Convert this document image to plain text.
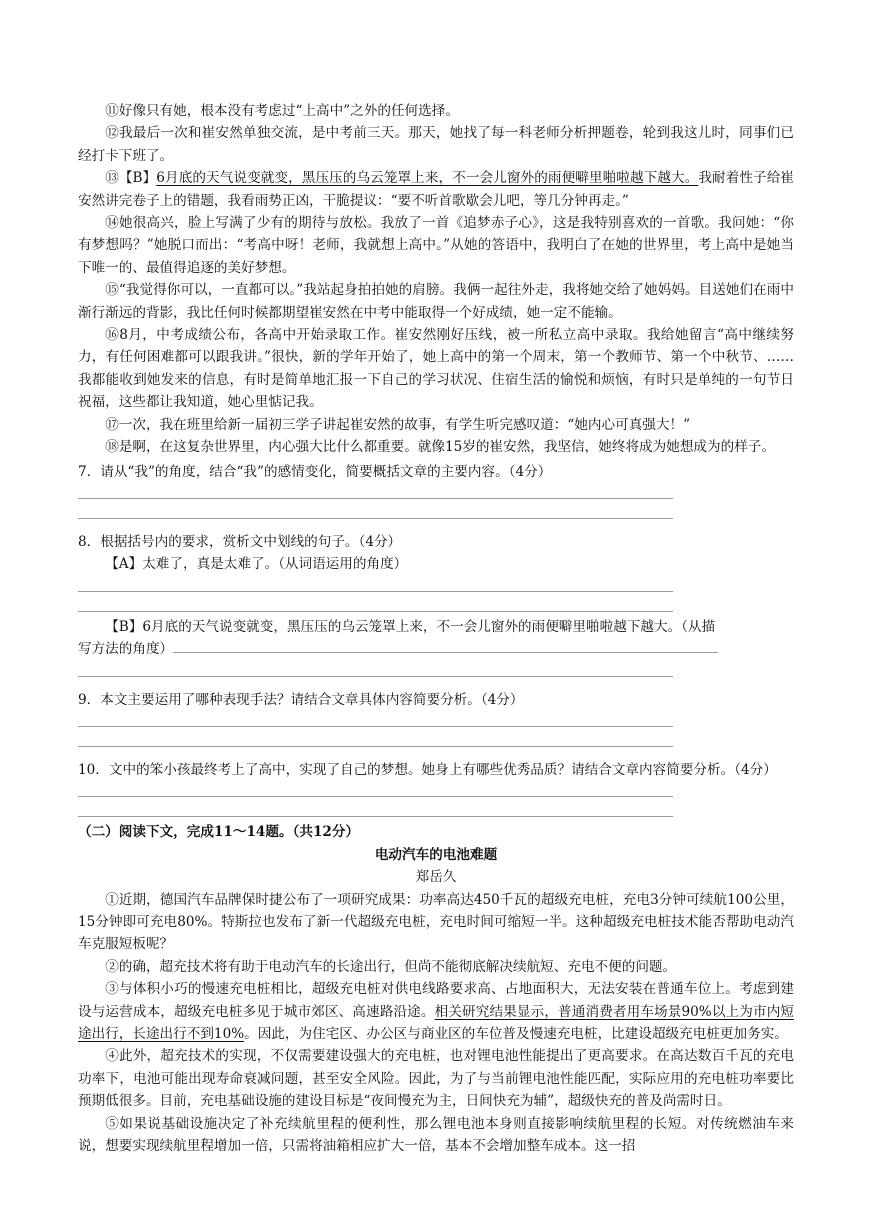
⑪好像只有她，根本没有考虑过“上高中”之外的任何选择。

⑫我最后一次和崔安然单独交流，是中考前三天。那天，她找了每一科老师分析押题卷，轮到我这儿时，同事们已经打卡下班了。

⑬【B】6月底的天气说变就变，黑压压的乌云笼罩上来，不一会儿窗外的雨便噼里啪啦越下越大。我耐着性子给崔安然讲完卷子上的错题，我看雨势正凶，干脆提议：“要不听首歌歇会儿吧，等几分钟再走。”

⑭她很高兴，脸上写满了少有的期待与放松。我放了一首《追梦赤子心》，这是我特别喜欢的一首歌。我问她：“你有梦想吗？”她脱口而出：“考高中呀！老师，我就想上高中。”从她的答语中，我明白了在她的世界里，考上高中是她当下唯一的、最值得追逐的美好梦想。

⑮“我觉得你可以，一直都可以。”我站起身拍拍她的肩膀。我俩一起往外走，我将她交给了她妈妈。目送她们在雨中渐行渐远的背影，我比任何时候都期望崔安然在中考中能取得一个好成绩，她一定不能输。

⑯8月，中考成绩公布，各高中开始录取工作。崔安然刚好压线，被一所私立高中录取。我给她留言“高中继续努力，有任何困难都可以跟我讲。”很快，新的学年开始了，她上高中的第一个周末，第一个教师节、第一个中秋节、……我都能收到她发来的信息，有时是简单地汇报一下自己的学习状况、住宿生活的愉悦和烦恼，有时只是单纯的一句节日祝福，这些都让我知道，她心里惦记我。

⑰一次，我在班里给新一届初三学子讲起崔安然的故事，有学生听完感叹道：“她内心可真强大！”

⑱是啊，在这复杂世界里，内心强大比什么都重要。就像15岁的崔安然，我坚信，她终将成为她想成为的样子。

7．请从“我”的角度，结合“我”的感情变化，简要概括文章的主要内容。（4分）

8．根据括号内的要求，赏析文中划线的句子。（4分）

【A】太难了，真是太难了。（从词语运用的角度）

【B】6月底的天气说变就变，黑压压的乌云笼罩上来，不一会儿窗外的雨便噼里啪啦越下越大。（从描

写方法的角度）

9．本文主要运用了哪种表现手法？请结合文章具体内容简要分析。（4分）

10．文中的笨小孩最终考上了高中，实现了自己的梦想。她身上有哪些优秀品质？请结合文章内容简要分析。（4分）

（二）阅读下文，完成11～14题。（共12分）

电动汽车的电池难题

郑岳久

①近期，德国汽车品牌保时捷公布了一项研究成果：功率高达450千瓦的超级充电桩，充电3分钟可续航100公里，15分钟即可充电80%。特斯拉也发布了新一代超级充电桩，充电时间可缩短一半。这种超级充电桩技术能否帮助电动汽车克服短板呢？

②的确，超充技术将有助于电动汽车的长途出行，但尚不能彻底解决续航短、充电不便的问题。

③与体积小巧的慢速充电桩相比，超级充电桩对供电线路要求高、占地面积大，无法安装在普通车位上。考虑到建设与运营成本，超级充电桩多见于城市郊区、高速路沿途。相关研究结果显示，普通消费者用车场景90%以上为市内短途出行，长途出行不到10%。因此，为住宅区、办公区与商业区的车位普及慢速充电桩，比建设超级充电桩更加务实。

④此外，超充技术的实现，不仅需要建设强大的充电桩，也对锂电池性能提出了更高要求。在高达数百千瓦的充电功率下，电池可能出现寿命衰减问题，甚至安全风险。因此，为了与当前锂电池性能匹配，实际应用的充电桩功率要比预期低很多。目前，充电基础设施的建设目标是“夜间慢充为主，日间快充为辅”，超级快充的普及尚需时日。

⑤如果说基础设施决定了补充续航里程的便利性，那么锂电池本身则直接影响续航里程的长短。对传统燃油车来说，想要实现续航里程增加一倍，只需将油箱相应扩大一倍，基本不会增加整车成本。这一招
